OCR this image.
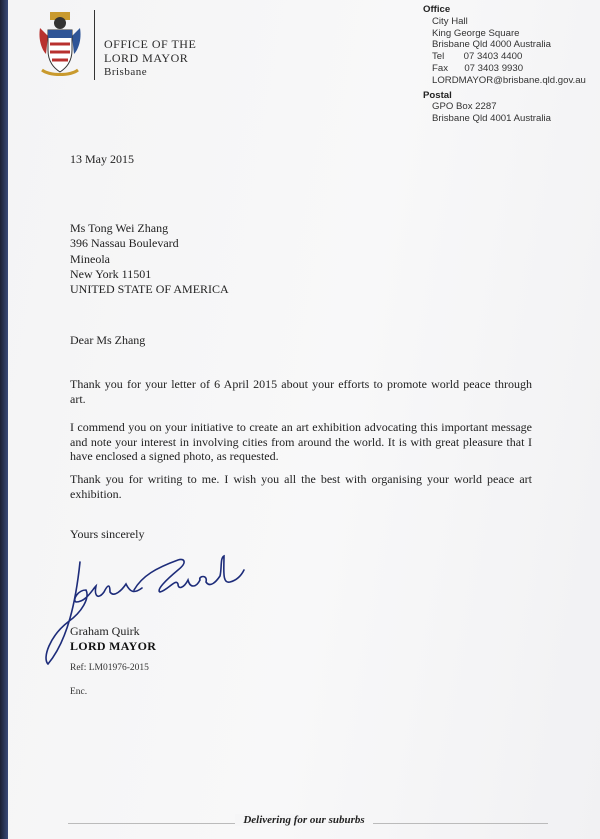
OFFICE OF THE
LORD MAYOR
Brisbane
Office
City Hall
King George Square
Brisbane Qld 4000 Australia
Tel 07 3403 4400
Fax 07 3403 9930
LORDMAYOR@brisbane.qld.gov.au
Postal
GPO Box 2287
Brisbane Qld 4001 Australia
13 May 2015
Ms Tong Wei Zhang
396 Nassau Boulevard
Mineola
New York 11501
UNITED STATE OF AMERICA
Dear Ms Zhang
Thank you for your letter of 6 April 2015 about your efforts to promote world peace through art.
I commend you on your initiative to create an art exhibition advocating this important message and note your interest in involving cities from around the world. It is with great pleasure that I have enclosed a signed photo, as requested.
Thank you for writing to me. I wish you all the best with organising your world peace art exhibition.
Yours sincerely
Graham Quirk
LORD MAYOR
Ref: LM01976-2015
Enc.
Delivering for our suburbs
